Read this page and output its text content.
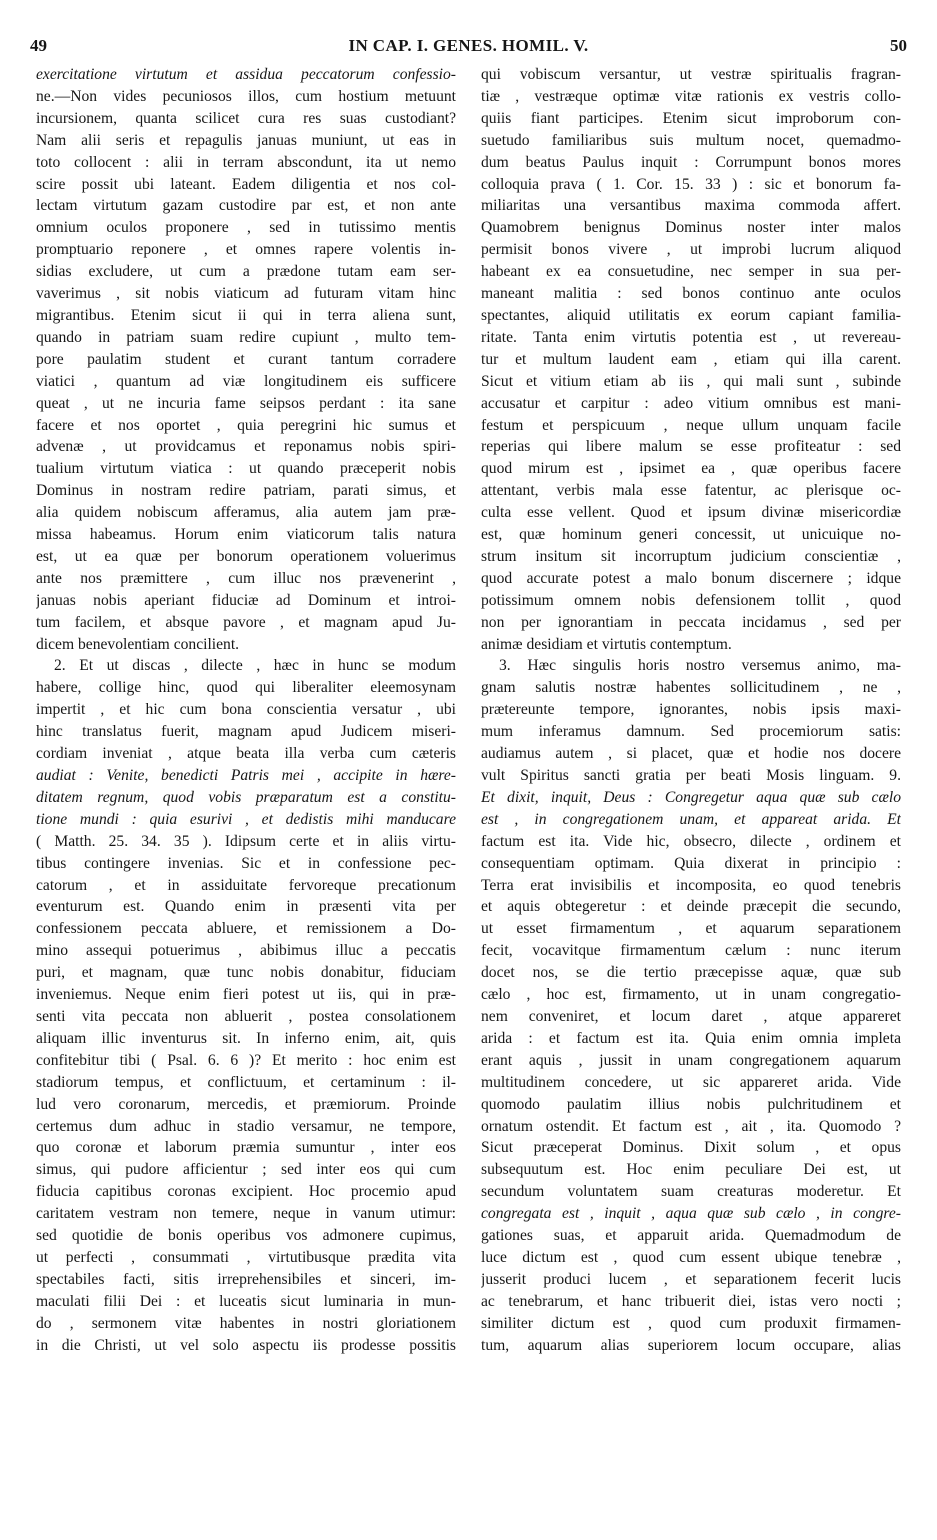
49	IN CAP. I. GENES. HOMIL. V.	50
exercitatione virtutum et assidua peccatorum confessio-
ne.—Non vides pecuniosos illos, cum hostium metuunt
incursionem, quanta scilicet cura res suas custodiant?
Nam alii seris et repagulis januas muniunt, ut eas in
toto collocent : alii in terram abscondunt, ita ut nemo
scire possit ubi lateant. Eadem diligentia et nos col-
lectam virtutum gazam custodire par est, et non ante
omnium oculos proponere , sed in tutissimo mentis
promptuario reponere , et omnes rapere volentis in-
sidias excludere, ut cum a prædone tutam eam ser-
vaverimus , sit nobis viaticum ad futuram vitam hinc
migrantibus. Etenim sicut ii qui in terra aliena sunt,
quando in patriam suam redire cupiunt , multo tem-
pore paulatim student et curant tantum corradere
viatici , quantum ad viæ longitudinem eis sufficere
queat , ut ne incuria fame seipsos perdant : ita sane
facere et nos oportet , quia peregrini hic sumus et
advenæ , ut providcamus et reponamus nobis spiri-
tualium virtutum viatica : ut quando præceperit nobis
Dominus in nostram redire patriam, parati simus, et
alia quidem nobiscum afferamus, alia autem jam præ-
missa habeamus. Horum enim viaticorum talis natura
est, ut ea quæ per bonorum operationem voluerimus
ante nos præmittere , cum illuc nos prævenerint ,
januas nobis aperiant fiduciæ ad Dominum et introi-
tum facilem, et absque pavore , et magnam apud Ju-
dicem benevolentiam concilient.
2. Et ut discas , dilecte , hæc in hunc se modum
habere, collige hinc, quod qui liberaliter eleemosynam
impertit , et hic cum bona conscientia versatur , ubi
hinc translatus fuerit, magnam apud Judicem miseri-
cordiam inveniat , atque beata illa verba cum cæteris
audiat : Venite, benedicti Patris mei , accipite in hære-
ditatem regnum, quod vobis præparatum est a constitu-
tione mundi : quia esurivi , et dedistis mihi manducare
( Matth. 25. 34. 35 ). Idipsum certe et in aliis virtu-
tibus contingere invenias. Sic et in confessione pec-
catorum , et in assiduitate fervoreque precationum
eventurum est. Quando enim in præsenti vita per
confessionem peccata abluere, et remissionem a Do-
mino assequi potuerimus , abibimus illuc a peccatis
puri, et magnam, quæ tunc nobis donabitur, fiduciam
inveniemus. Neque enim fieri potest ut iis, qui in præ-
senti vita peccata non abluerit , postea consolationem
aliquam illic inventurus sit. In inferno enim, ait, quis
confitebitur tibi ( Psal. 6. 6 )? Et merito : hoc enim est
stadiorum tempus, et conflictuum, et certaminum : il-
lud vero coronarum, mercedis, et præmiorum. Proinde
certemus dum adhuc in stadio versamur, ne tempore,
quo coronæ et laborum præmia sumuntur , inter eos
simus, qui pudore afficientur ; sed inter eos qui cum
fiducia capitibus coronas excipient. Hoc procemio apud
caritatem vestram non temere, neque in vanum utimur:
sed quotidie de bonis operibus vos admonere cupimus,
ut perfecti , consummati , virtutibusque prædita vita
spectabiles facti, sitis irreprehensibiles et sinceri, im-
maculati filii Dei : et luceatis sicut luminaria in mun-
do , sermonem vitæ habentes in nostri gloriationem
in die Christi, ut vel solo aspectu iis prodesse possitis
qui vobiscum versantur, ut vestræ spiritualis fragran-
tiæ , vestræque optimæ vitæ rationis ex vestris collo-
quiis fiant participes. Etenim sicut improborum con-
suetudo familiaribus suis multum nocet, quemadmo-
dum beatus Paulus inquit : Corrumpunt bonos mores
colloquia prava ( 1. Cor. 15. 33 ) : sic et bonorum fa-
miliaritas una versantibus maxima commoda affert.
Quamobrem benignus Dominus noster inter malos
permisit bonos vivere , ut improbi lucrum aliquod
habeant ex ea consuetudine, nec semper in sua per-
maneant malitia : sed bonos continuo ante oculos
spectantes, aliquid utilitatis ex eorum capiant familia-
ritate. Tanta enim virtutis potentia est , ut revereau-
tur et multum laudent eam , etiam qui illa carent.
Sicut et vitium etiam ab iis , qui mali sunt , subinde
accusatur et carpitur : adeo vitium omnibus est mani-
festum et perspicuum , neque ullum unquam facile
reperias qui libere malum se esse profiteatur : sed
quod mirum est , ipsimet ea , quæ operibus facere
attentant, verbis mala esse fatentur, ac plerisque oc-
culta esse vellent. Quod et ipsum divinæ misericordiæ
est, quæ hominum generi concessit, ut unicuique no-
strum insitum sit incorruptum judicium conscientiæ ,
quod accurate potest a malo bonum discernere ; idque
potissimum omnem nobis defensionem tollit , quod
non per ignorantiam in peccata incidamus , sed per
animæ desidiam et virtutis contemptum.
3. Hæc singulis horis nostro versemus animo, ma-
gnam salutis nostræ habentes sollicitudinem , ne ,
prætereunte tempore, ignorantes, nobis ipsis maxi-
mum inferamus damnum. Sed procemiorum satis:
audiamus autem , si placet, quæ et hodie nos docere
vult Spiritus sancti gratia per beati Mosis linguam. 9.
Et dixit, inquit, Deus : Congregetur aqua quæ sub cælo
est , in congregationem unam, et appareat arida. Et
factum est ita. Vide hic, obsecro, dilecte , ordinem et
consequentiam optimam. Quia dixerat in principio :
Terra erat invisibilis et incomposita, eo quod tenebris
et aquis obtegeretur : et deinde præcepit die secundo,
ut esset firmamentum , et aquarum separationem
fecit, vocavitque firmamentum cælum : nunc iterum
docet nos, se die tertio præcepisse aquæ, quæ sub
cælo , hoc est, firmamento, ut in unam congregatio-
nem conveniret, et locum daret , atque appareret
arida : et factum est ita. Quia enim omnia impleta
erant aquis , jussit in unam congregationem aquarum
multitudinem concedere, ut sic appareret arida. Vide
quomodo paulatim illius nobis pulchritudinem et
ornatum ostendit. Et factum est , ait , ita. Quomodo ?
Sicut præceperat Dominus. Dixit solum , et opus
subsequutum est. Hoc enim peculiare Dei est, ut
secundum voluntatem suam creaturas moderetur. Et
congregata est , inquit , aqua quæ sub cælo , in congre-
gationes suas, et apparuit arida. Quemadmodum de
luce dictum est , quod cum essent ubique tenebræ ,
jusserit produci lucem , et separationem fecerit lucis
ac tenebrarum, et hanc tribuerit diei, istas vero nocti ;
similiter dictum est , quod cum produxit firmamen-
tum, aquarum alias superiorem locum occupare, alias
